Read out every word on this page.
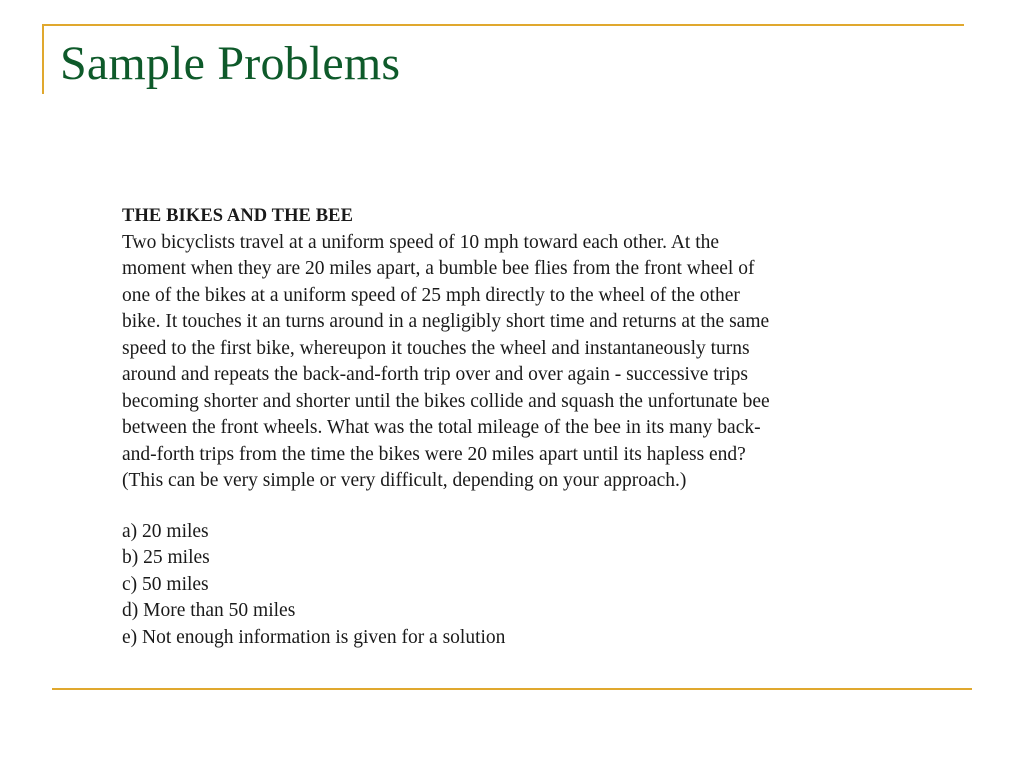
Sample Problems

THE BIKES AND THE BEE

Two bicyclists travel at a uniform speed of 10 mph toward each other. At the
moment when they are 20 miles apart, a bumble bee flies from the front wheel of
one of the bikes at a uniform speed of 25 mph directly to the wheel of the other
bike. It touches it an turns around in a negligibly short time and returns at the same
speed to the first bike, whereupon it touches the wheel and instantaneously turns
around and repeats the back-and-forth trip over and over again - successive trips
becoming shorter and shorter until the bikes collide and squash the unfortunate bee
between the front wheels. What was the total mileage of the bee in its many back-
and-forth trips from the time the bikes were 20 miles apart until its hapless end?
(This can be very simple or very difficult, depending on your approach.)

a) 20 miles
b) 25 miles
c) 50 miles
d) More than 50 miles
e) Not enough information is given for a solution
